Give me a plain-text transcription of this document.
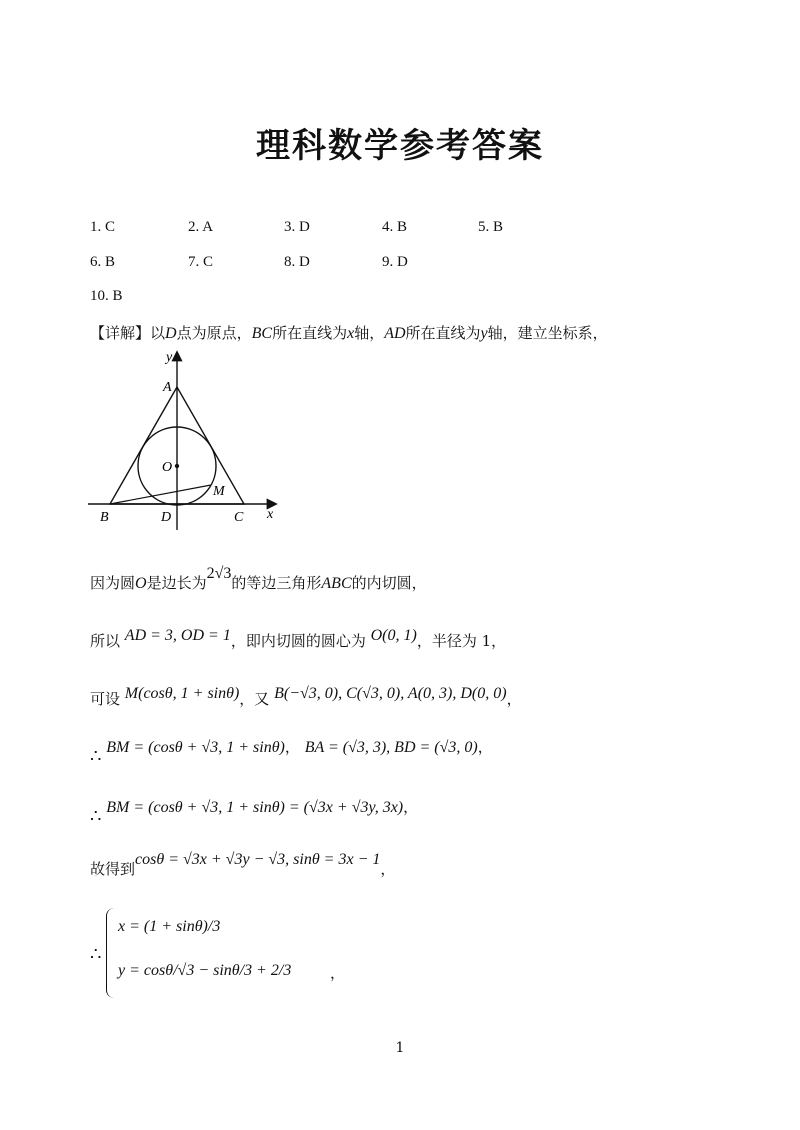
理科数学参考答案
1. C	2. A	3. D	4. B	5. B
6. B	7. C	8. D	9. D
10. B
【详解】以D点为原点，BC所在直线为x轴，AD所在直线为y轴，建立坐标系，
y
A
O
M
B	D	C x
因为圆O是边长为2√3的等边三角形ABC的内切圆，
所以 AD = 3, OD = 1，即内切圆的圆心为 O(0, 1)，半径为 1，
可设 M(cosθ, 1 + sinθ)，又 B(−√3, 0), C(√3, 0), A(0, 3), D(0, 0)，
∴ BM = (cosθ + √3, 1 + sinθ)， BA = (√3, 3), BD = (√3, 0)，
∴ BM = (cosθ + √3, 1 + sinθ) = (√3x + √3y, 3x)，
故得到cosθ = √3x + √3y − √3, sinθ = 3x − 1，
∴
x = (1 + sinθ)/3
y = cosθ/√3 − sinθ/3 + 2/3	，
1
